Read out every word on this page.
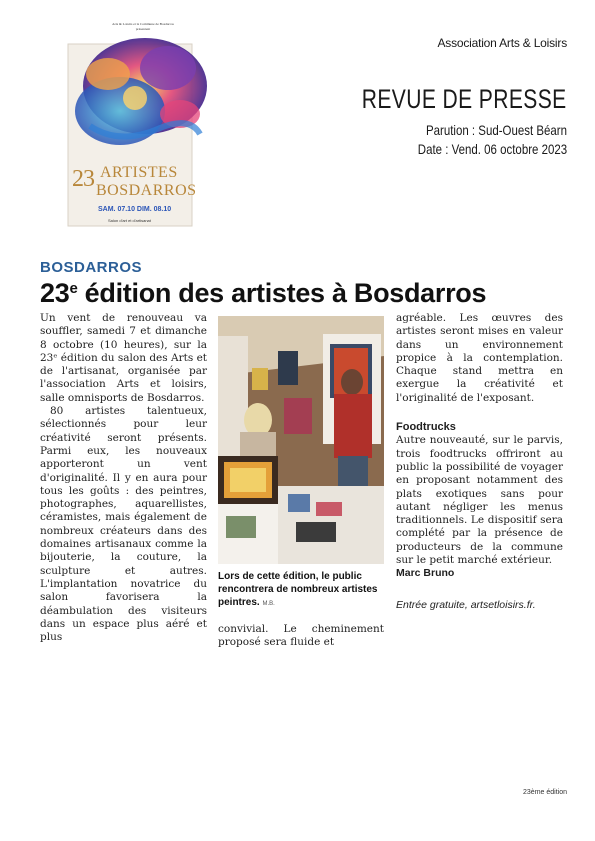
Association Arts & Loisirs
REVUE DE PRESSE
Parution : Sud-Ouest Béarn
Date : Vend. 06 octobre 2023
Arts & Loisirs et la Commune de Bosdarros présentent
23 ARTISTES
BOSDARROS
SAM. 07.10 DIM. 08.10
Salon d'art et d'artisanat
BOSDARROS
23e édition des artistes à Bosdarros

Un vent de renouveau va souffler, samedi 7 et dimanche 8 octobre (10 heures), sur la 23ᵉ édition du salon des Arts et de l'artisanat, organisée par l'association Arts et loisirs, salle omnisports de Bosdarros.

80 artistes talentueux, sélectionnés pour leur créativité seront présents. Parmi eux, les nouveaux apporteront un vent d'originalité. Il y en aura pour tous les goûts : des peintres, photographes, aquarellistes, céramistes, mais également de nombreux créateurs dans des domaines artisanaux comme la bijouterie, la couture, la sculpture et autres. L'implantation novatrice du salon favorisera la déambulation des visiteurs dans un espace plus aéré et plus

Lors de cette édition, le public rencontrera de nombreux artistes peintres. M.B.

convivial. Le cheminement proposé sera fluide et

agréable. Les œuvres des artistes seront mises en valeur dans un environnement propice à la contemplation. Chaque stand mettra en exergue la créativité et l'originalité de l'exposant.

Foodtrucks

Autre nouveauté, sur le parvis, trois foodtrucks offriront au public la possibilité de voyager en proposant notamment des plats exotiques sans pour autant négliger les menus traditionnels. Le dispositif sera complété par la présence de producteurs de la commune sur le petit marché extérieur.

Marc Bruno

Entrée gratuite, artsetloisirs.fr.

23ème édition
